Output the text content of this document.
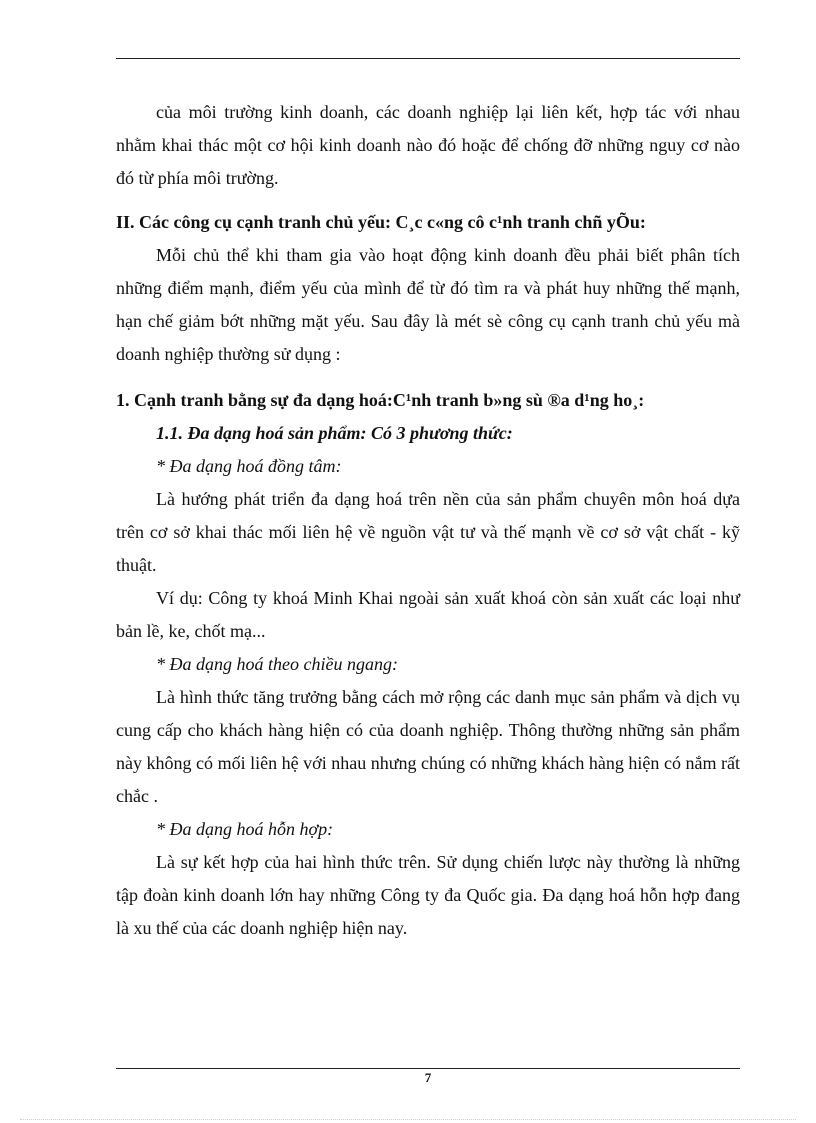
của môi trường kinh doanh, các doanh nghiệp lại liên kết, hợp tác với nhau nhằm khai thác một cơ hội kinh doanh nào đó hoặc để chống đỡ những nguy cơ nào đó từ phía môi trường.

II. Các công cụ cạnh tranh chủ yếu: C¸c c«ng cô c¹nh tranh chñ yÕu:

Mỗi chủ thể khi tham gia vào hoạt động kinh doanh đều phải biết phân tích những điểm mạnh, điểm yếu của mình để từ đó tìm ra và phát huy những thế mạnh, hạn chế giảm bớt những mặt yếu. Sau đây là mét sè công cụ cạnh tranh chủ yếu mà doanh nghiệp thường sử dụng :

1. Cạnh tranh bằng sự đa dạng hoá:C¹nh tranh b»ng sù ®a d¹ng ho¸:

1.1. Đa dạng hoá sản phẩm: Có 3 phương thức:

* Đa dạng hoá đồng tâm:

Là hướng phát triển đa dạng hoá trên nền của sản phẩm chuyên môn hoá dựa trên cơ sở khai thác mối liên hệ về nguồn vật tư và thế mạnh về cơ sở vật chất - kỹ thuật.

Ví dụ: Công ty khoá Minh Khai ngoài sản xuất khoá còn sản xuất các loại như bản lề, ke, chốt mạ...

* Đa dạng hoá theo chiều ngang:

Là hình thức tăng trưởng bằng cách mở rộng các danh mục sản phẩm và dịch vụ cung cấp cho khách hàng hiện có của doanh nghiệp. Thông thường những sản phẩm này không có mối liên hệ với nhau nhưng chúng có những khách hàng hiện có nắm rất chắc .

* Đa dạng hoá hỗn hợp:

Là sự kết hợp của hai hình thức trên. Sử dụng chiến lược này thường là những tập đoàn kinh doanh lớn hay những Công ty đa Quốc gia. Đa dạng hoá hỗn hợp đang là xu thế của các doanh nghiệp hiện nay.

7
